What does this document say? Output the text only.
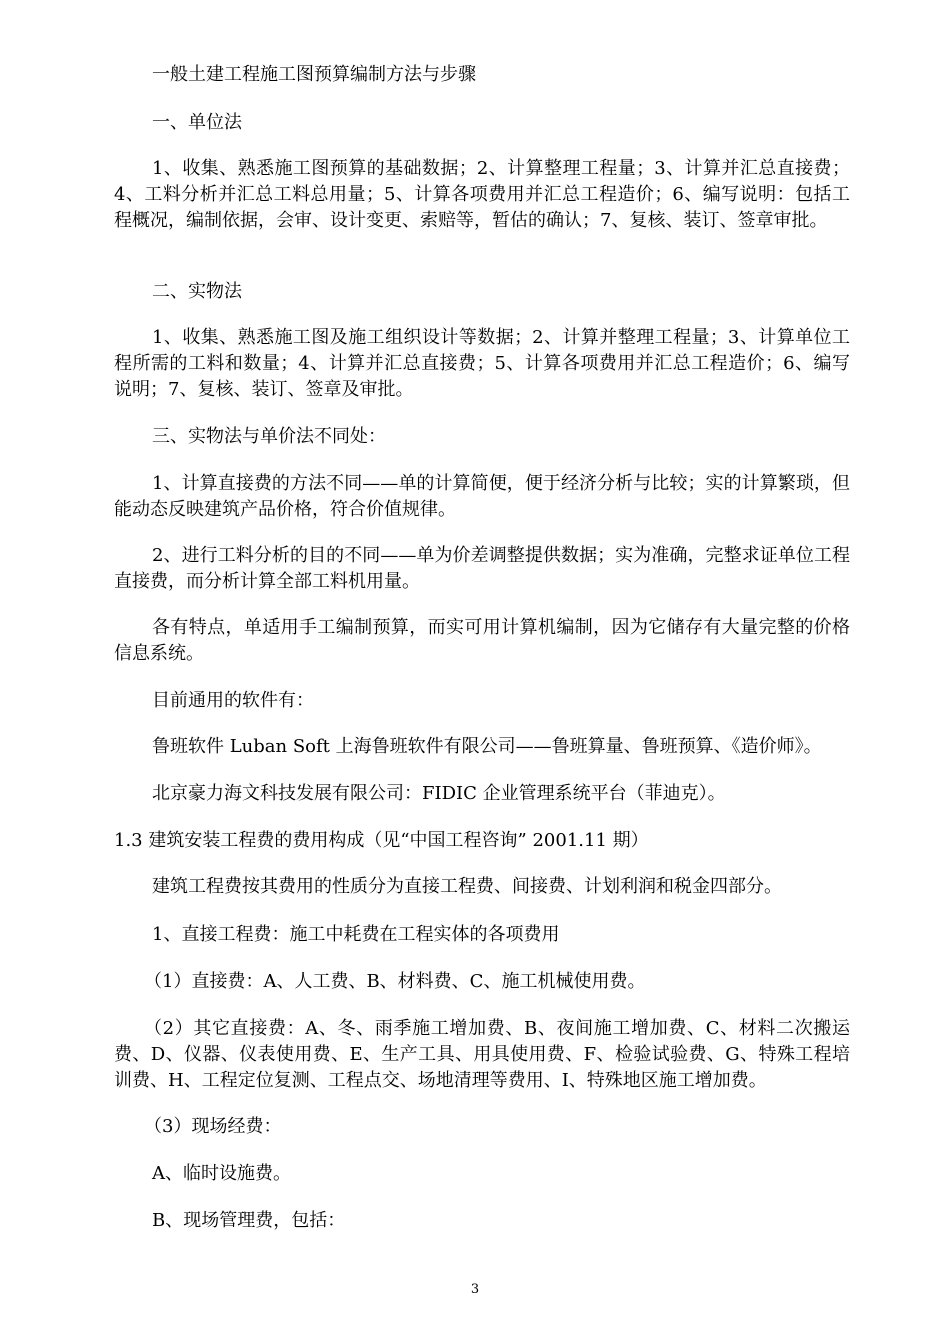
一般土建工程施工图预算编制方法与步骤

一、单位法

1、收集、熟悉施工图预算的基础数据；2、计算整理工程量；3、计算并汇总直接费；4、工料分析并汇总工料总用量；5、计算各项费用并汇总工程造价；6、编写说明：包括工程概况，编制依据，会审、设计变更、索赔等，暂估的确认；7、复核、装订、签章审批。

二、实物法

1、收集、熟悉施工图及施工组织设计等数据；2、计算并整理工程量；3、计算单位工程所需的工料和数量；4、计算并汇总直接费；5、计算各项费用并汇总工程造价；6、编写说明；7、复核、装订、签章及审批。

三、实物法与单价法不同处：

1、计算直接费的方法不同——单的计算简便，便于经济分析与比较；实的计算繁琐，但能动态反映建筑产品价格，符合价值规律。

2、进行工料分析的目的不同——单为价差调整提供数据；实为准确，完整求证单位工程直接费，而分析计算全部工料机用量。

各有特点，单适用手工编制预算，而实可用计算机编制，因为它储存有大量完整的价格信息系统。

目前通用的软件有：

鲁班软件 Luban Soft 上海鲁班软件有限公司——鲁班算量、鲁班预算、《造价师》。

北京豪力海文科技发展有限公司：FIDIC 企业管理系统平台（菲迪克）。

1.3 建筑安装工程费的费用构成（见“中国工程咨询” 2001.11 期）

建筑工程费按其费用的性质分为直接工程费、间接费、计划利润和税金四部分。

1、直接工程费：施工中耗费在工程实体的各项费用

（1）直接费：A、人工费、B、材料费、C、施工机械使用费。

（2）其它直接费：A、冬、雨季施工增加费、B、夜间施工增加费、C、材料二次搬运费、D、仪器、仪表使用费、E、生产工具、用具使用费、F、检验试验费、G、特殊工程培训费、H、工程定位复测、工程点交、场地清理等费用、I、特殊地区施工增加费。

（3）现场经费：

A、临时设施费。

B、现场管理费，包括：

3
